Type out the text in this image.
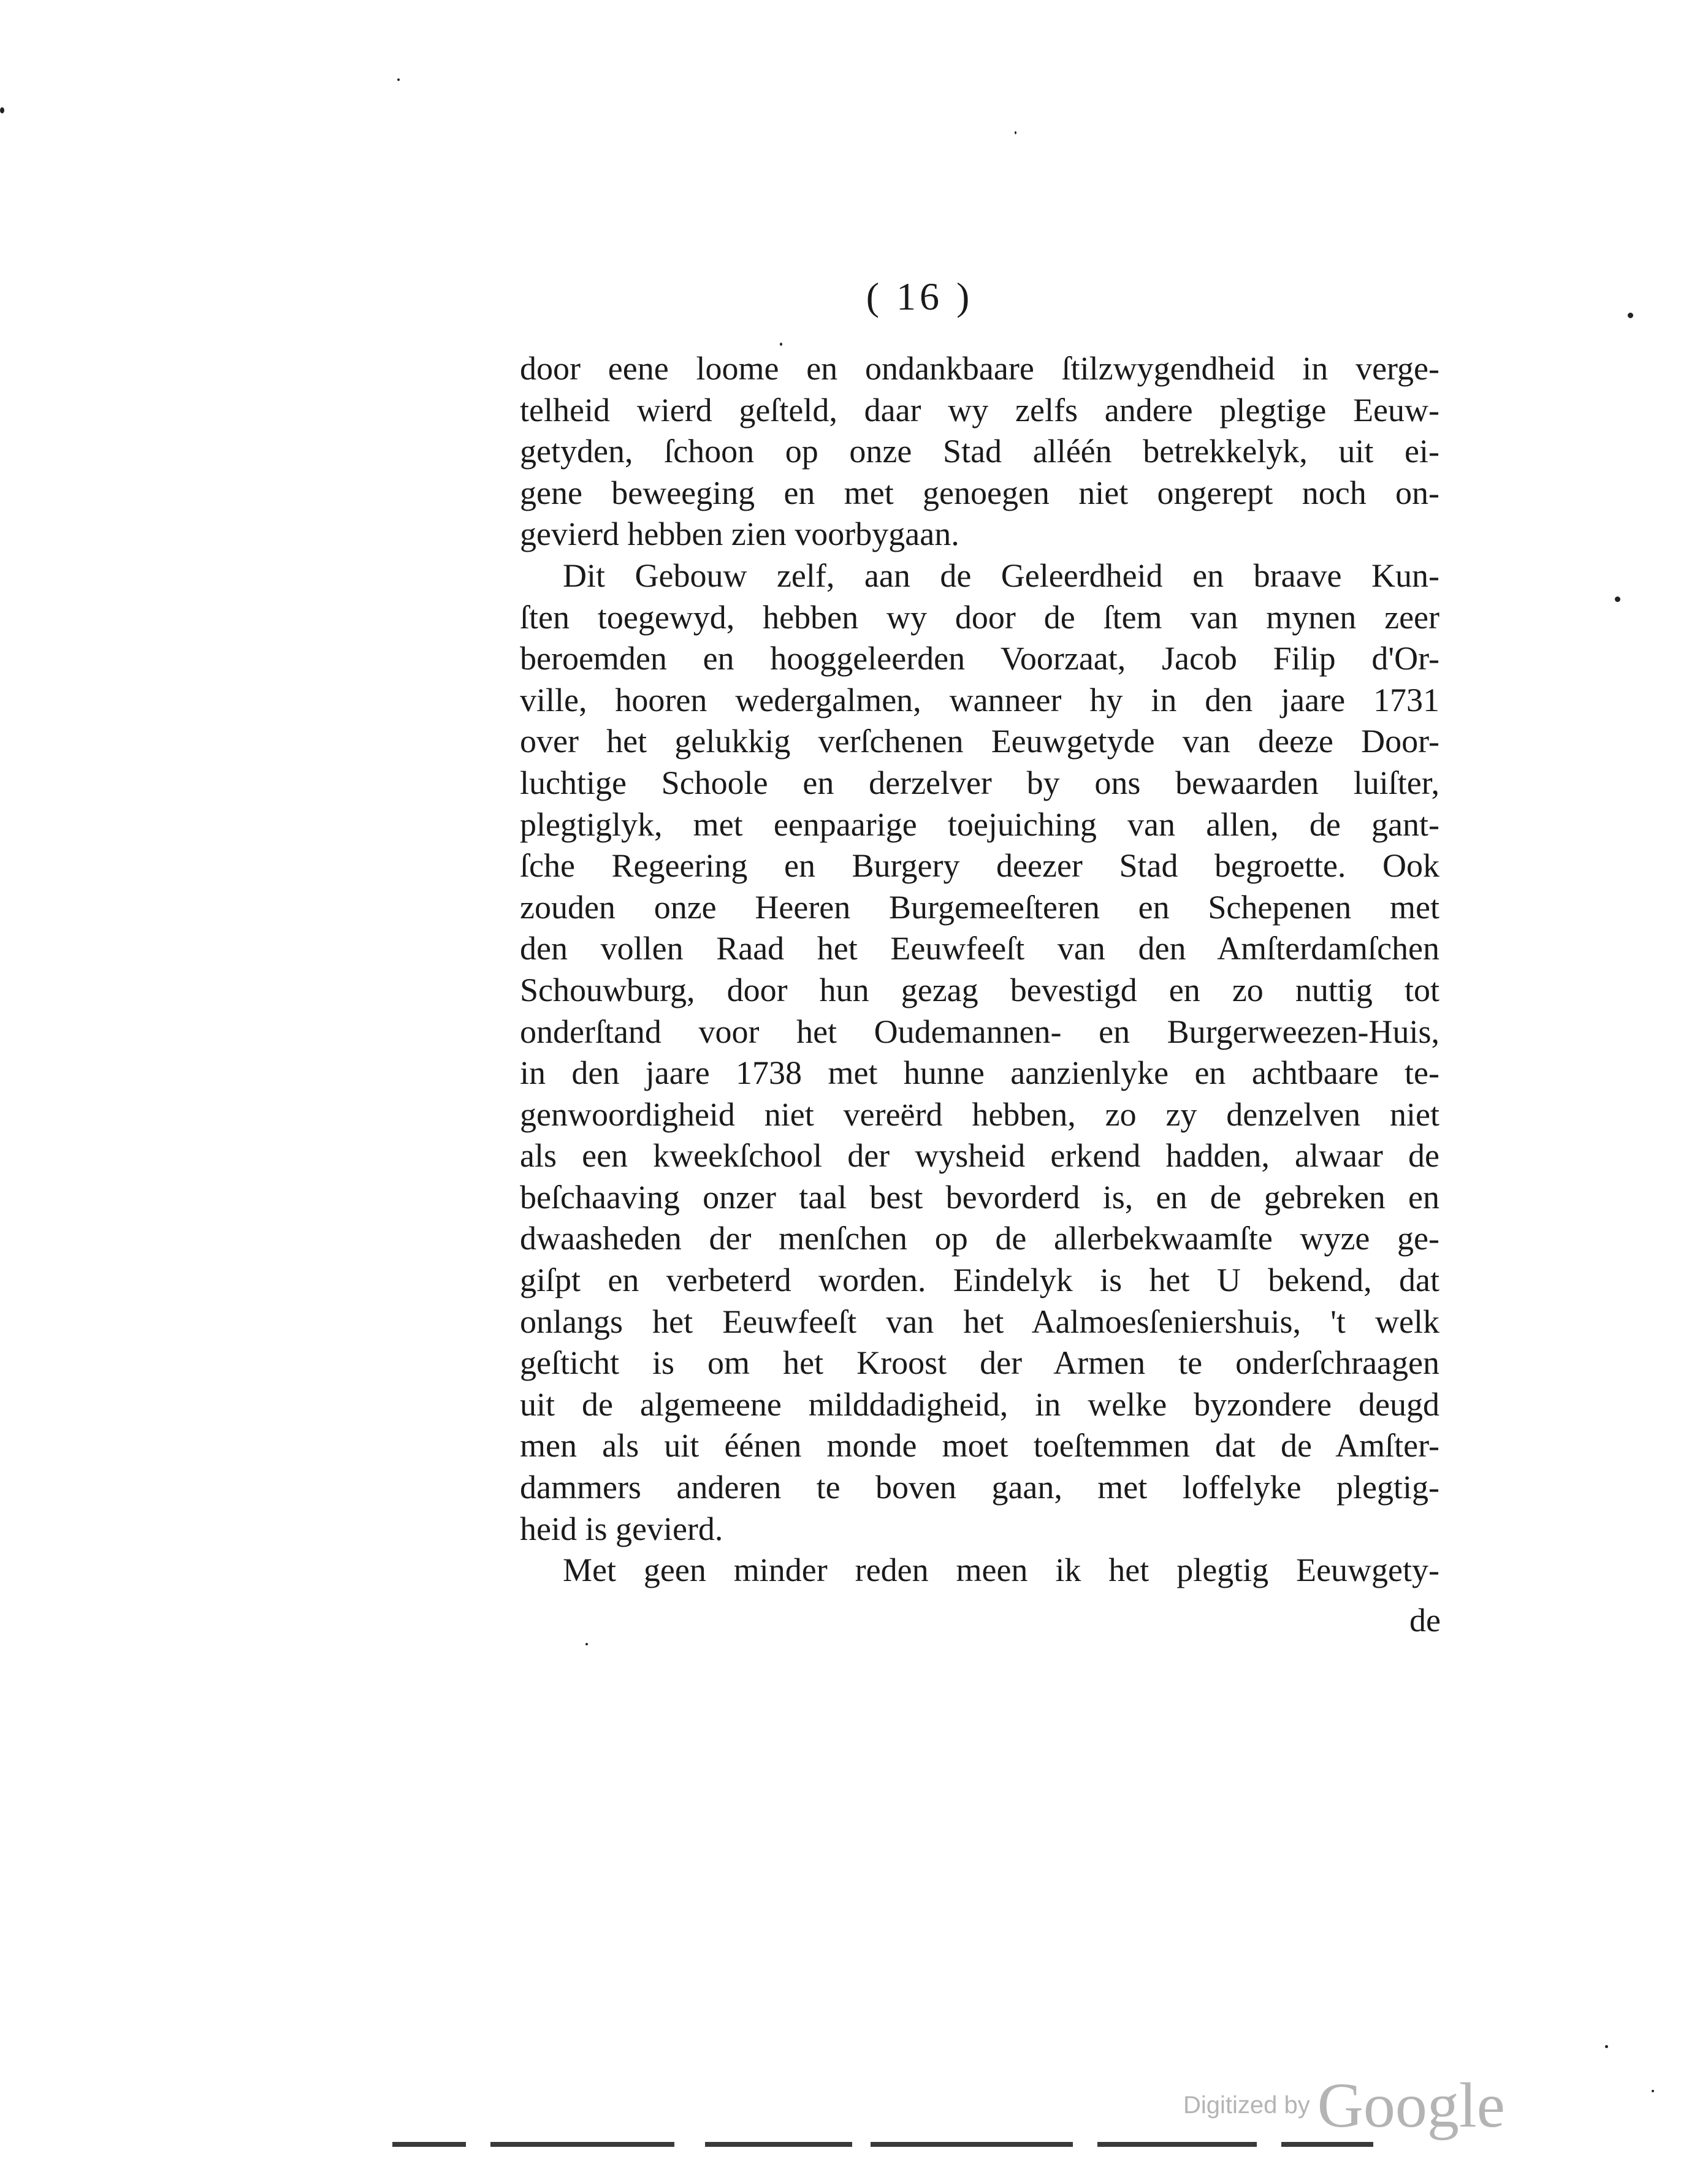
( 16 )
door eene loome en ondankbaare ſtilzwygendheid in verge-
telheid wierd geſteld, daar wy zelfs andere plegtige Eeuw-
getyden, ſchoon op onze Stad alléén betrekkelyk, uit ei-
gene beweeging en met genoegen niet ongerept noch on-
gevierd hebben zien voorbygaan.
Dit Gebouw zelf, aan de Geleerdheid en braave Kun-
ſten toegewyd, hebben wy door de ſtem van mynen zeer
beroemden en hooggeleerden Voorzaat, Jacob Filip d'Or-
ville, hooren wedergalmen, wanneer hy in den jaare 1731
over het gelukkig verſchenen Eeuwgetyde van deeze Door-
luchtige Schoole en derzelver by ons bewaarden luiſter,
plegtiglyk, met eenpaarige toejuiching van allen, de gant-
ſche Regeering en Burgery deezer Stad begroette. Ook
zouden onze Heeren Burgemeeſteren en Schepenen met
den vollen Raad het Eeuwfeeſt van den Amſterdamſchen
Schouwburg, door hun gezag bevestigd en zo nuttig tot
onderſtand voor het Oudemannen- en Burgerweezen-Huis,
in den jaare 1738 met hunne aanzienlyke en achtbaare te-
genwoordigheid niet vereërd hebben, zo zy denzelven niet
als een kweekſchool der wysheid erkend hadden, alwaar de
beſchaaving onzer taal best bevorderd is, en de gebreken en
dwaasheden der menſchen op de allerbekwaamſte wyze ge-
giſpt en verbeterd worden. Eindelyk is het U bekend, dat
onlangs het Eeuwfeeſt van het Aalmoesſeniershuis, 't welk
geſticht is om het Kroost der Armen te onderſchraagen
uit de algemeene milddadigheid, in welke byzondere deugd
men als uit éénen monde moet toeſtemmen dat de Amſter-
dammers anderen te boven gaan, met loffelyke plegtig-
heid is gevierd.
Met geen minder reden meen ik het plegtig Eeuwgety-
de
Digitized by Google
